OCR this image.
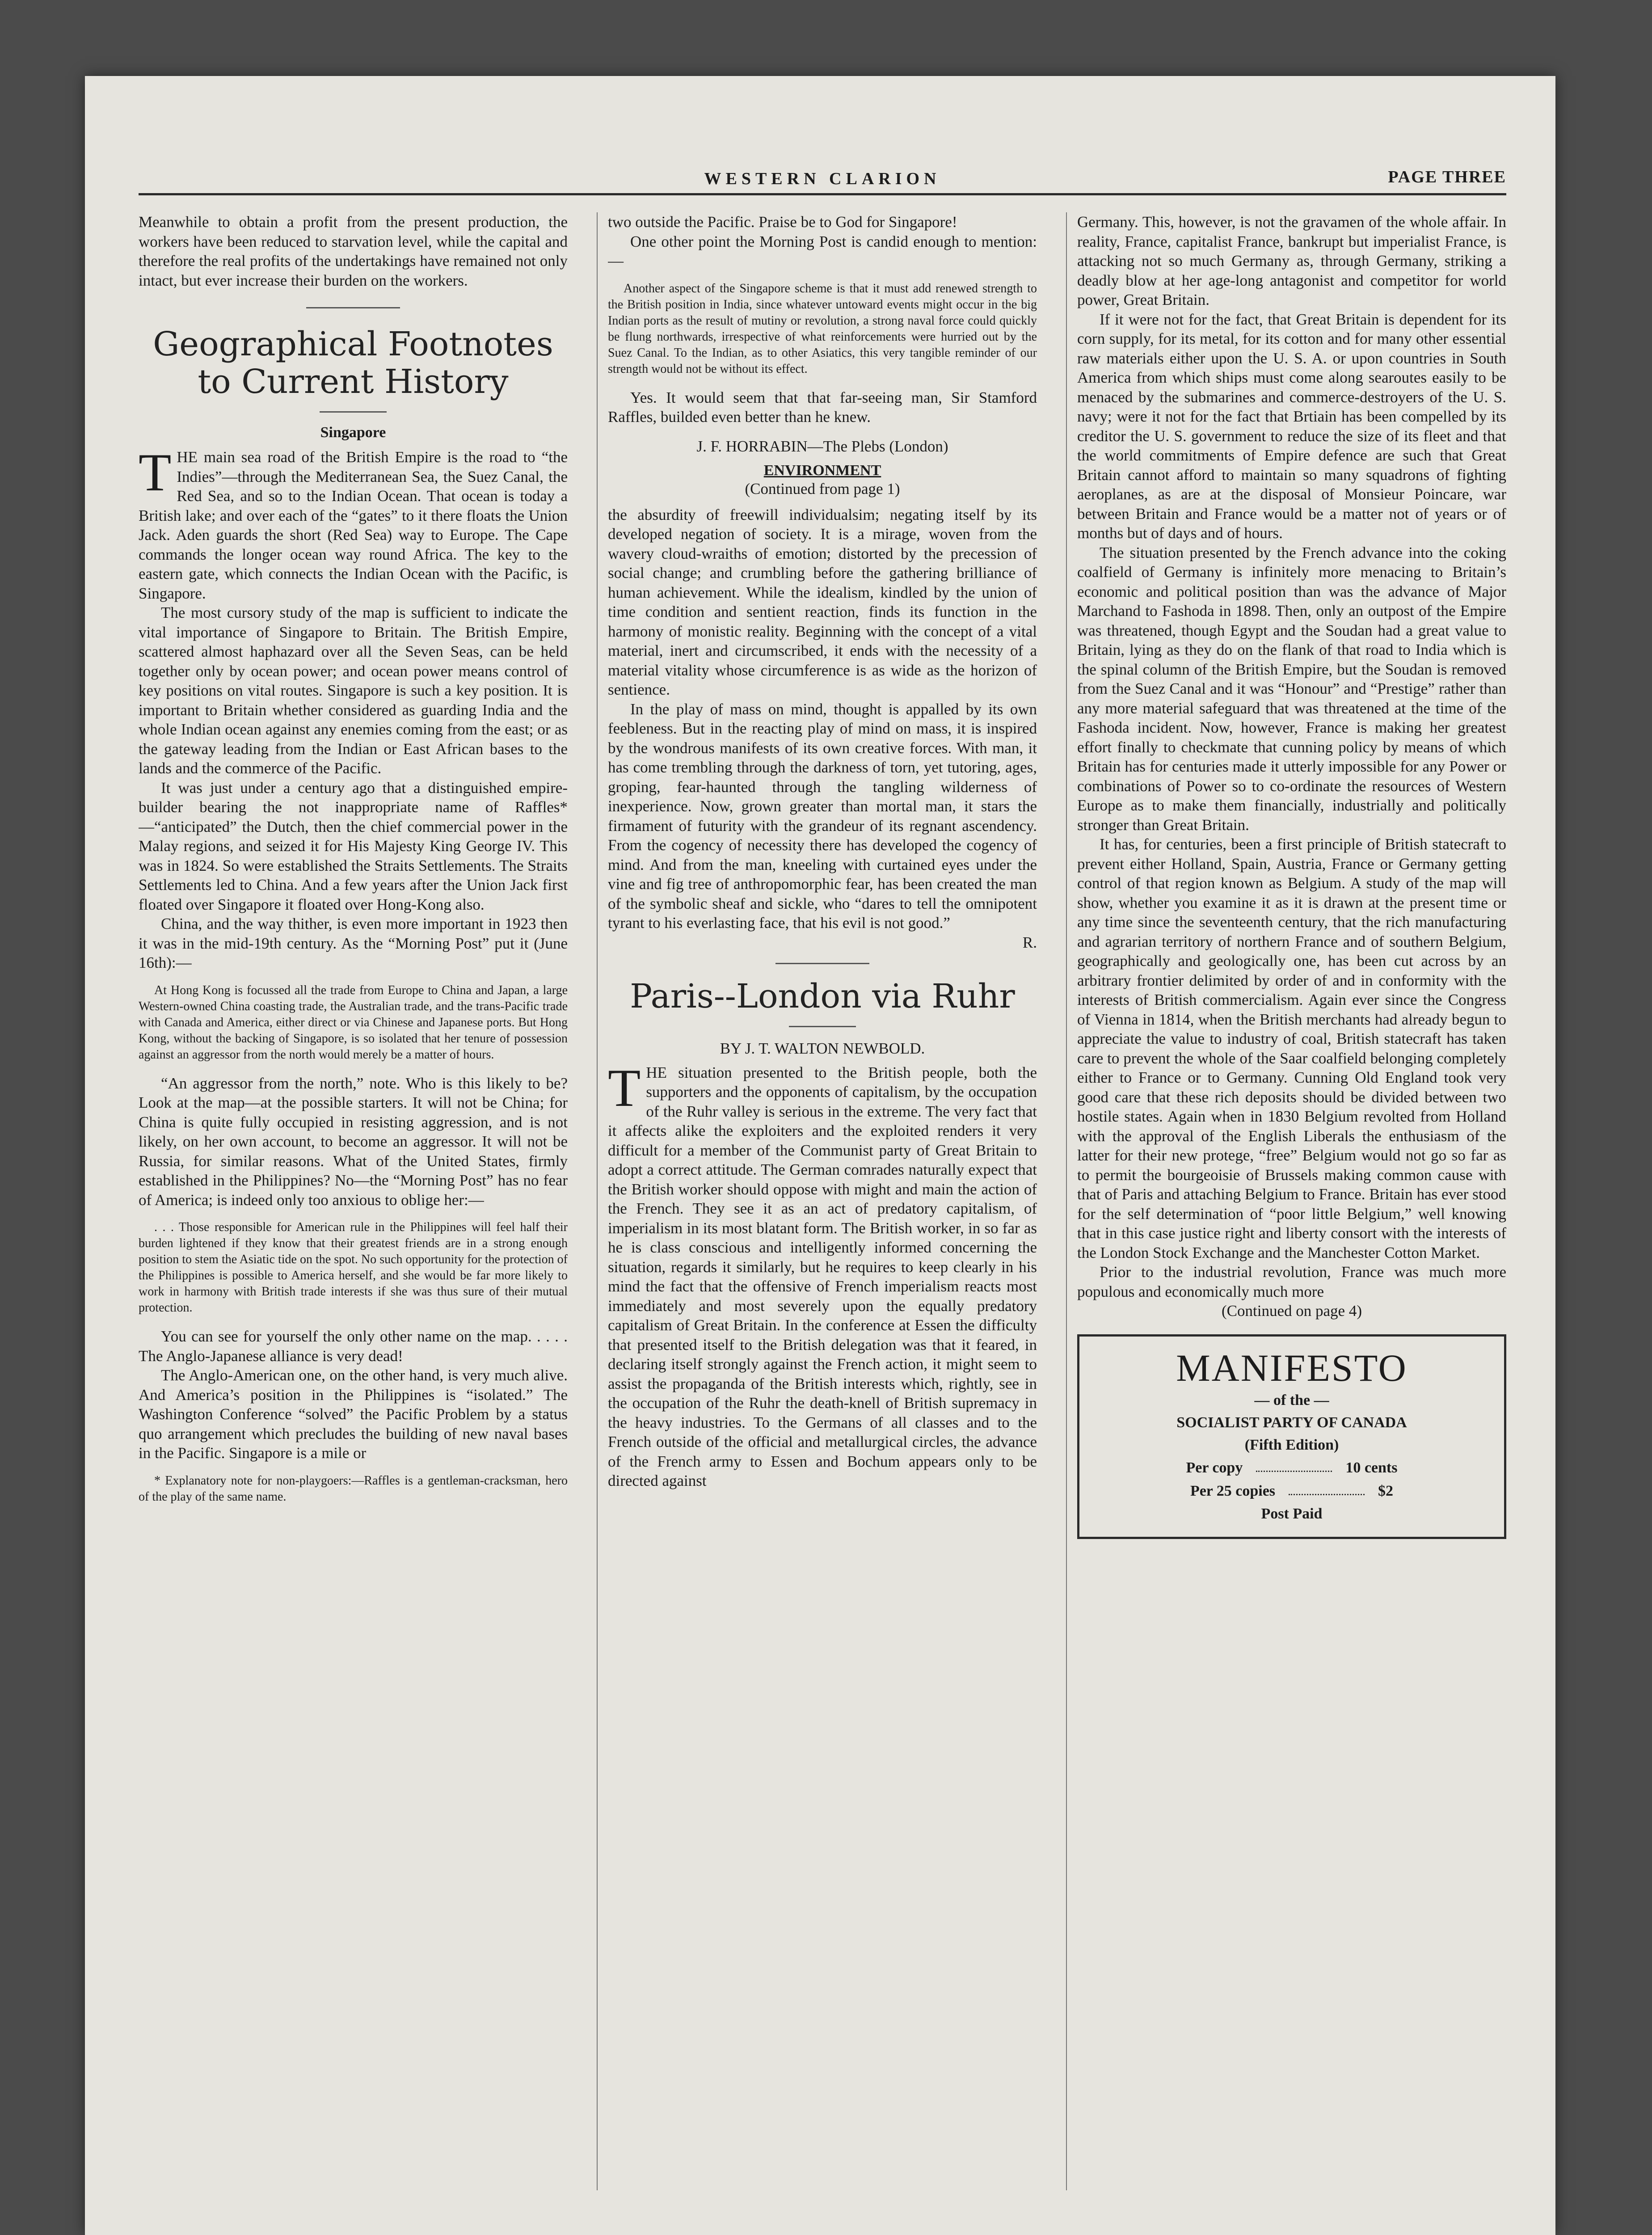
WESTERN CLARION	PAGE THREE

Meanwhile to obtain a profit from the present production, the workers have been reduced to starvation level, while the capital and therefore the real profits of the undertakings have remained not only intact, but ever increase their burden on the workers.

Geographical Footnotes to Current History
Singapore

THE main sea road of the British Empire is the road to “the Indies”—through the Mediterranean Sea, the Suez Canal, the Red Sea, and so to the Indian Ocean. That ocean is today a British lake; and over each of the “gates” to it there floats the Union Jack. Aden guards the short (Red Sea) way to Europe. The Cape commands the longer ocean way round Africa. The key to the eastern gate, which connects the Indian Ocean with the Pacific, is Singapore.

The most cursory study of the map is sufficient to indicate the vital importance of Singapore to Britain. The British Empire, scattered almost haphazard over all the Seven Seas, can be held together only by ocean power; and ocean power means control of key positions on vital routes. Singapore is such a key position. It is important to Britain whether considered as guarding India and the whole Indian ocean against any enemies coming from the east; or as the gateway leading from the Indian or East African bases to the lands and the commerce of the Pacific.

It was just under a century ago that a distinguished empire-builder bearing the not inappropriate name of Raffles*—“anticipated” the Dutch, then the chief commercial power in the Malay regions, and seized it for His Majesty King George IV. This was in 1824. So were established the Straits Settlements. The Straits Settlements led to China. And a few years after the Union Jack first floated over Singapore it floated over Hong-Kong also.

China, and the way thither, is even more important in 1923 then it was in the mid-19th century. As the “Morning Post” put it (June 16th):—

At Hong Kong is focussed all the trade from Europe to China and Japan, a large Western-owned China coasting trade, the Australian trade, and the trans-Pacific trade with Canada and America, either direct or via Chinese and Japanese ports. But Hong Kong, without the backing of Singapore, is so isolated that her tenure of possession against an aggressor from the north would merely be a matter of hours.

“An aggressor from the north,” note. Who is this likely to be? Look at the map—at the possible starters. It will not be China; for China is quite fully occupied in resisting aggression, and is not likely, on her own account, to become an aggressor. It will not be Russia, for similar reasons. What of the United States, firmly established in the Philippines? No—the “Morning Post” has no fear of America; is indeed only too anxious to oblige her:—

. . . Those responsible for American rule in the Philippines will feel half their burden lightened if they know that their greatest friends are in a strong enough position to stem the Asiatic tide on the spot. No such opportunity for the protection of the Philippines is possible to America herself, and she would be far more likely to work in harmony with British trade interests if she was thus sure of their mutual protection.

You can see for yourself the only other name on the map. . . . . The Anglo-Japanese alliance is very dead!

The Anglo-American one, on the other hand, is very much alive. And America’s position in the Philippines is “isolated.” The Washington Conference “solved” the Pacific Problem by a status quo arrangement which precludes the building of new naval bases in the Pacific. Singapore is a mile or

* Explanatory note for non-playgoers:—Raffles is a gentleman-cracksman, hero of the play of the same name.

two outside the Pacific. Praise be to God for Singapore!

One other point the Morning Post is candid enough to mention:—

Another aspect of the Singapore scheme is that it must add renewed strength to the British position in India, since whatever untoward events might occur in the big Indian ports as the result of mutiny or revolution, a strong naval force could quickly be flung northwards, irrespective of what reinforcements were hurried out by the Suez Canal. To the Indian, as to other Asiatics, this very tangible reminder of our strength would not be without its effect.

Yes. It would seem that that far-seeing man, Sir Stamford Raffles, builded even better than he knew.

J. F. HORRABIN—The Plebs (London)

ENVIRONMENT

(Continued from page 1)

the absurdity of freewill individualsim; negating itself by its developed negation of society. It is a mirage, woven from the wavery cloud-wraiths of emotion; distorted by the precession of social change; and crumbling before the gathering brilliance of human achievement. While the idealism, kindled by the union of time condition and sentient reaction, finds its function in the harmony of monistic reality. Beginning with the concept of a vital material, inert and circumscribed, it ends with the necessity of a material vitality whose circumference is as wide as the horizon of sentience.

In the play of mass on mind, thought is appalled by its own feebleness. But in the reacting play of mind on mass, it is inspired by the wondrous manifests of its own creative forces. With man, it has come trembling through the darkness of torn, yet tutoring, ages, groping, fear-haunted through the tangling wilderness of inexperience. Now, grown greater than mortal man, it stars the firmament of futurity with the grandeur of its regnant ascendency. From the cogency of necessity there has developed the cogency of mind. And from the man, kneeling with curtained eyes under the vine and fig tree of anthropomorphic fear, has been created the man of the symbolic sheaf and sickle, who “dares to tell the omnipotent tyrant to his everlasting face, that his evil is not good.”

R.

Paris--London via Ruhr

BY J. T. WALTON NEWBOLD.

THE situation presented to the British people, both the supporters and the opponents of capitalism, by the occupation of the Ruhr valley is serious in the extreme. The very fact that it affects alike the exploiters and the exploited renders it very difficult for a member of the Communist party of Great Britain to adopt a correct attitude. The German comrades naturally expect that the British worker should oppose with might and main the action of the French. They see it as an act of predatory capitalism, of imperialism in its most blatant form. The British worker, in so far as he is class conscious and intelligently informed concerning the situation, regards it similarly, but he requires to keep clearly in his mind the fact that the offensive of French imperialism reacts most immediately and most severely upon the equally predatory capitalism of Great Britain. In the conference at Essen the difficulty that presented itself to the British delegation was that it feared, in declaring itself strongly against the French action, it might seem to assist the propaganda of the British interests which, rightly, see in the occupation of the Ruhr the death-knell of British supremacy in the heavy industries. To the Germans of all classes and to the French outside of the official and metallurgical circles, the advance of the French army to Essen and Bochum appears only to be directed against

Germany. This, however, is not the gravamen of the whole affair. In reality, France, capitalist France, bankrupt but imperialist France, is attacking not so much Germany as, through Germany, striking a deadly blow at her age-long antagonist and competitor for world power, Great Britain.

If it were not for the fact, that Great Britain is dependent for its corn supply, for its metal, for its cotton and for many other essential raw materials either upon the U. S. A. or upon countries in South America from which ships must come along searoutes easily to be menaced by the submarines and commerce-destroyers of the U. S. navy; were it not for the fact that Brtiain has been compelled by its creditor the U. S. government to reduce the size of its fleet and that the world commitments of Empire defence are such that Great Britain cannot afford to maintain so many squadrons of fighting aeroplanes, as are at the disposal of Monsieur Poincare, war between Britain and France would be a matter not of years or of months but of days and of hours.

The situation presented by the French advance into the coking coalfield of Germany is infinitely more menacing to Britain’s economic and political position than was the advance of Major Marchand to Fashoda in 1898. Then, only an outpost of the Empire was threatened, though Egypt and the Soudan had a great value to Britain, lying as they do on the flank of that road to India which is the spinal column of the British Empire, but the Soudan is removed from the Suez Canal and it was “Honour” and “Prestige” rather than any more material safeguard that was threatened at the time of the Fashoda incident. Now, however, France is making her greatest effort finally to checkmate that cunning policy by means of which Britain has for centuries made it utterly impossible for any Power or combinations of Power so to co-ordinate the resources of Western Europe as to make them financially, industrially and politically stronger than Great Britain.

It has, for centuries, been a first principle of British statecraft to prevent either Holland, Spain, Austria, France or Germany getting control of that region known as Belgium. A study of the map will show, whether you examine it as it is drawn at the present time or any time since the seventeenth century, that the rich manufacturing and agrarian territory of northern France and of southern Belgium, geographically and geologically one, has been cut across by an arbitrary frontier delimited by order of and in conformity with the interests of British commercialism. Again ever since the Congress of Vienna in 1814, when the British merchants had already begun to appreciate the value to industry of coal, British statecraft has taken care to prevent the whole of the Saar coalfield belonging completely either to France or to Germany. Cunning Old England took very good care that these rich deposits should be divided between two hostile states. Again when in 1830 Belgium revolted from Holland with the approval of the English Liberals the enthusiasm of the latter for their new protege, “free” Belgium would not go so far as to permit the bourgeoisie of Brussels making common cause with that of Paris and attaching Belgium to France. Britain has ever stood for the self determination of “poor little Belgium,” well knowing that in this case justice right and liberty consort with the interests of the London Stock Exchange and the Manchester Cotton Market.

Prior to the industrial revolution, France was much more populous and economically much more

(Continued on page 4)

MANIFESTO
— of the —
SOCIALIST PARTY OF CANADA
(Fifth Edition)
Per copy	10 cents
Per 25 copies	$2
Post Paid
